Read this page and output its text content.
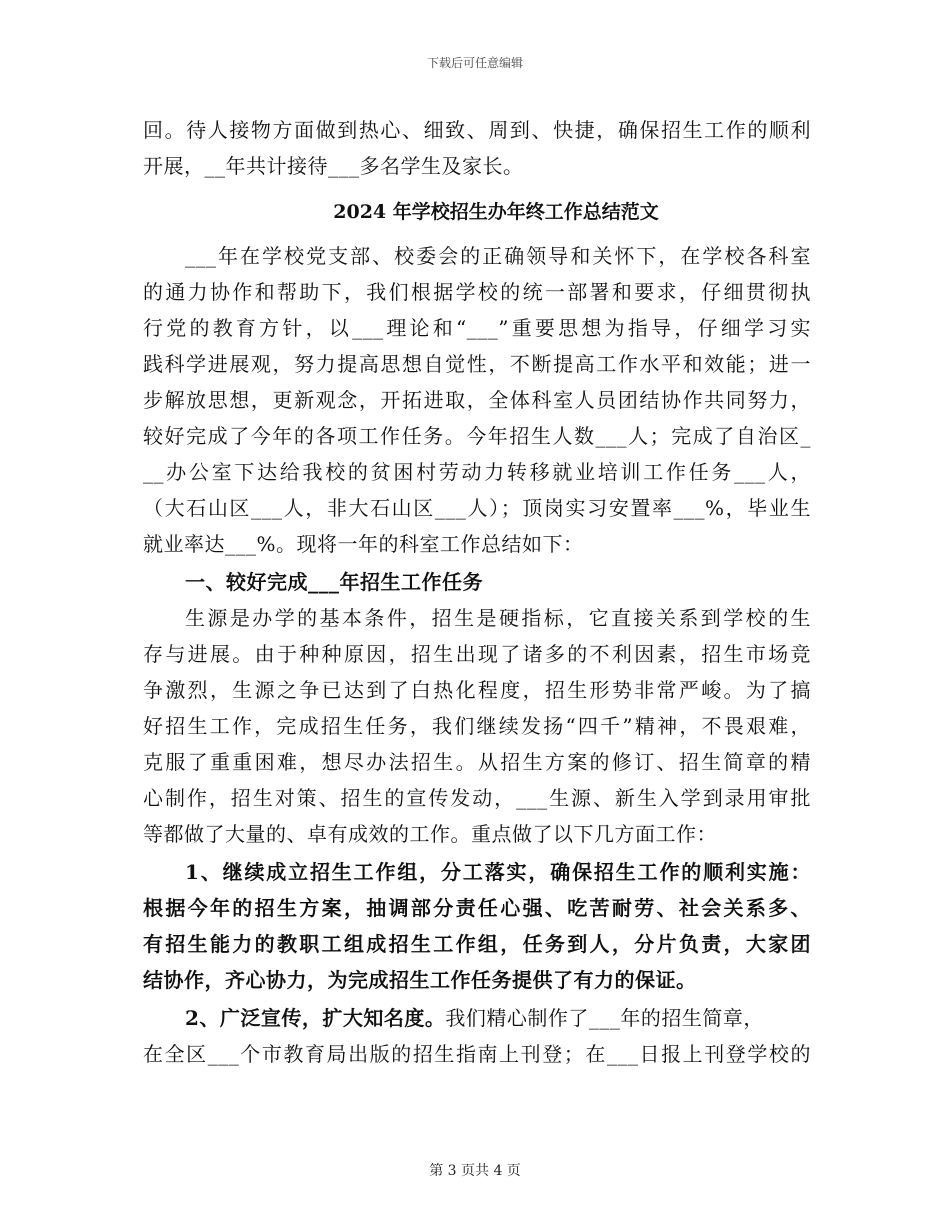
下载后可任意编辑
回。待人接物方面做到热心、细致、周到、快捷，确保招生工作的顺利
开展，__年共计接待___多名学生及家长。
2024 年学校招生办年终工作总结范文
___年在学校党支部、校委会的正确领导和关怀下，在学校各科室
的通力协作和帮助下，我们根据学校的统一部署和要求，仔细贯彻执
行党的教育方针，以___理论和“___”重要思想为指导，仔细学习实
践科学进展观，努力提高思想自觉性，不断提高工作水平和效能；进一
步解放思想，更新观念，开拓进取，全体科室人员团结协作共同努力，
较好完成了今年的各项工作任务。今年招生人数___人；完成了自治区_
__办公室下达给我校的贫困村劳动力转移就业培训工作任务___人，
（大石山区___人，非大石山区___人）；顶岗实习安置率___%，毕业生
就业率达___%。现将一年的科室工作总结如下：
一、较好完成___年招生工作任务
生源是办学的基本条件，招生是硬指标，它直接关系到学校的生
存与进展。由于种种原因，招生出现了诸多的不利因素，招生市场竞
争激烈，生源之争已达到了白热化程度，招生形势非常严峻。为了搞
好招生工作，完成招生任务，我们继续发扬“四千”精神，不畏艰难，
克服了重重困难，想尽办法招生。从招生方案的修订、招生简章的精
心制作，招生对策、招生的宣传发动，___生源、新生入学到录用审批
等都做了大量的、卓有成效的工作。重点做了以下几方面工作：
1、继续成立招生工作组，分工落实，确保招生工作的顺利实施：
根据今年的招生方案，抽调部分责任心强、吃苦耐劳、社会关系多、
有招生能力的教职工组成招生工作组，任务到人，分片负责，大家团
结协作，齐心协力，为完成招生工作任务提供了有力的保证。
2、广泛宣传，扩大知名度。我们精心制作了___年的招生简章，
在全区___个市教育局出版的招生指南上刊登；在___日报上刊登学校的
第 3 页共 4 页
